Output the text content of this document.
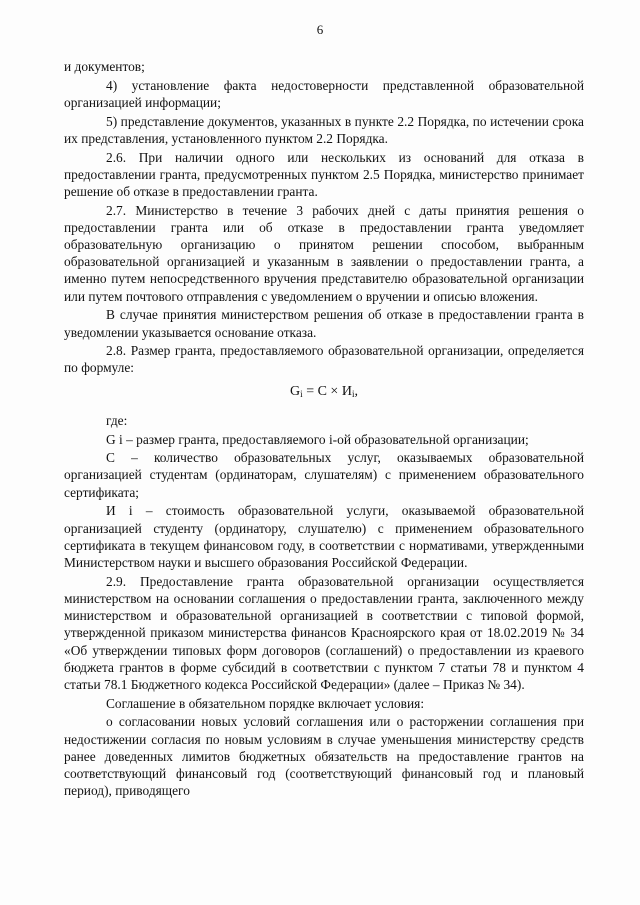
6

и документов;

4) установление факта недостоверности представленной образовательной организацией информации;

5) представление документов, указанных в пункте 2.2 Порядка, по истечении срока их представления, установленного пунктом 2.2 Порядка.

2.6. При наличии одного или нескольких из оснований для отказа в предоставлении гранта, предусмотренных пунктом 2.5 Порядка, министерство принимает решение об отказе в предоставлении гранта.

2.7. Министерство в течение 3 рабочих дней с даты принятия решения о предоставлении гранта или об отказе в предоставлении гранта уведомляет образовательную организацию о принятом решении способом, выбранным образовательной организацией и указанным в заявлении о предоставлении гранта, а именно путем непосредственного вручения представителю образовательной организации или путем почтового отправления с уведомлением о вручении и описью вложения.

В случае принятия министерством решения об отказе в предоставлении гранта в уведомлении указывается основание отказа.

2.8. Размер гранта, предоставляемого образовательной организации, определяется по формуле:

$G_i = C \times И_i$,

где:

G i – размер гранта, предоставляемого i-ой образовательной организации;

С – количество образовательных услуг, оказываемых образовательной организацией студентам (ординаторам, слушателям) с применением образовательного сертификата;

И i – стоимость образовательной услуги, оказываемой образовательной организацией студенту (ординатору, слушателю) с применением образовательного сертификата в текущем финансовом году, в соответствии с нормативами, утвержденными Министерством науки и высшего образования Российской Федерации.

2.9. Предоставление гранта образовательной организации осуществляется министерством на основании соглашения о предоставлении гранта, заключенного между министерством и образовательной организацией в соответствии с типовой формой, утвержденной приказом министерства финансов Красноярского края от 18.02.2019 № 34 «Об утверждении типовых форм договоров (соглашений) о предоставлении из краевого бюджета грантов в форме субсидий в соответствии с пунктом 7 статьи 78 и пунктом 4 статьи 78.1 Бюджетного кодекса Российской Федерации» (далее – Приказ № 34).

Соглашение в обязательном порядке включает условия:

о согласовании новых условий соглашения или о расторжении соглашения при недостижении согласия по новым условиям в случае уменьшения министерству средств ранее доведенных лимитов бюджетных обязательств на предоставление грантов на соответствующий финансовый год (соответствующий финансовый год и плановый период), приводящего
